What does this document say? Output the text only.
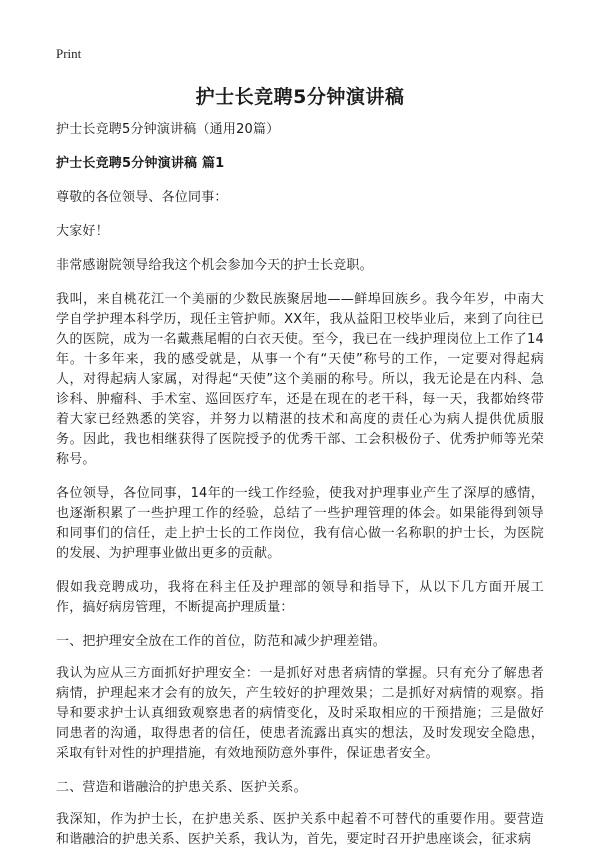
Print
护士长竞聘5分钟演讲稿

护士长竞聘5分钟演讲稿（通用20篇）

护士长竞聘5分钟演讲稿 篇1

尊敬的各位领导、各位同事：

大家好！

非常感谢院领导给我这个机会参加今天的护士长竞职。

我叫，来自桃花江一个美丽的少数民族聚居地——鲜埠回族乡。我今年岁，中南大学自学护理本科学历，现任主管护师。XX年，我从益阳卫校毕业后，来到了向往已久的医院，成为一名戴燕尾帽的白衣天使。至今，我已在一线护理岗位上工作了14年。十多年来，我的感受就是，从事一个有“天使”称号的工作，一定要对得起病人，对得起病人家属，对得起“天使”这个美丽的称号。所以，我无论是在内科、急诊科、肿瘤科、手术室、巡回医疗车，还是在现在的老干科，每一天，我都始终带着大家已经熟悉的笑容，并努力以精湛的技术和高度的责任心为病人提供优质服务。因此，我也相继获得了医院授予的优秀干部、工会积极份子、优秀护师等光荣称号。

各位领导，各位同事，14年的一线工作经验，使我对护理事业产生了深厚的感情，也逐渐积累了一些护理工作的经验，总结了一些护理管理的体会。如果能得到领导和同事们的信任，走上护士长的工作岗位，我有信心做一名称职的护士长，为医院的发展、为护理事业做出更多的贡献。

假如我竞聘成功，我将在科主任及护理部的领导和指导下，从以下几方面开展工作，搞好病房管理，不断提高护理质量：

一、把护理安全放在工作的首位，防范和减少护理差错。

我认为应从三方面抓好护理安全：一是抓好对患者病情的掌握。只有充分了解患者病情，护理起来才会有的放矢，产生较好的护理效果；二是抓好对病情的观察。指导和要求护士认真细致观察患者的病情变化，及时采取相应的干预措施；三是做好同患者的沟通，取得患者的信任，使患者流露出真实的想法，及时发现安全隐患，采取有针对性的护理措施，有效地预防意外事件，保证患者安全。

二、营造和谐融洽的护患关系、医护关系。

我深知，作为护士长，在护患关系、医护关系中起着不可替代的重要作用。要营造和谐融洽的护患关系、医护关系，我认为，首先，要定时召开护患座谈会，征求病
